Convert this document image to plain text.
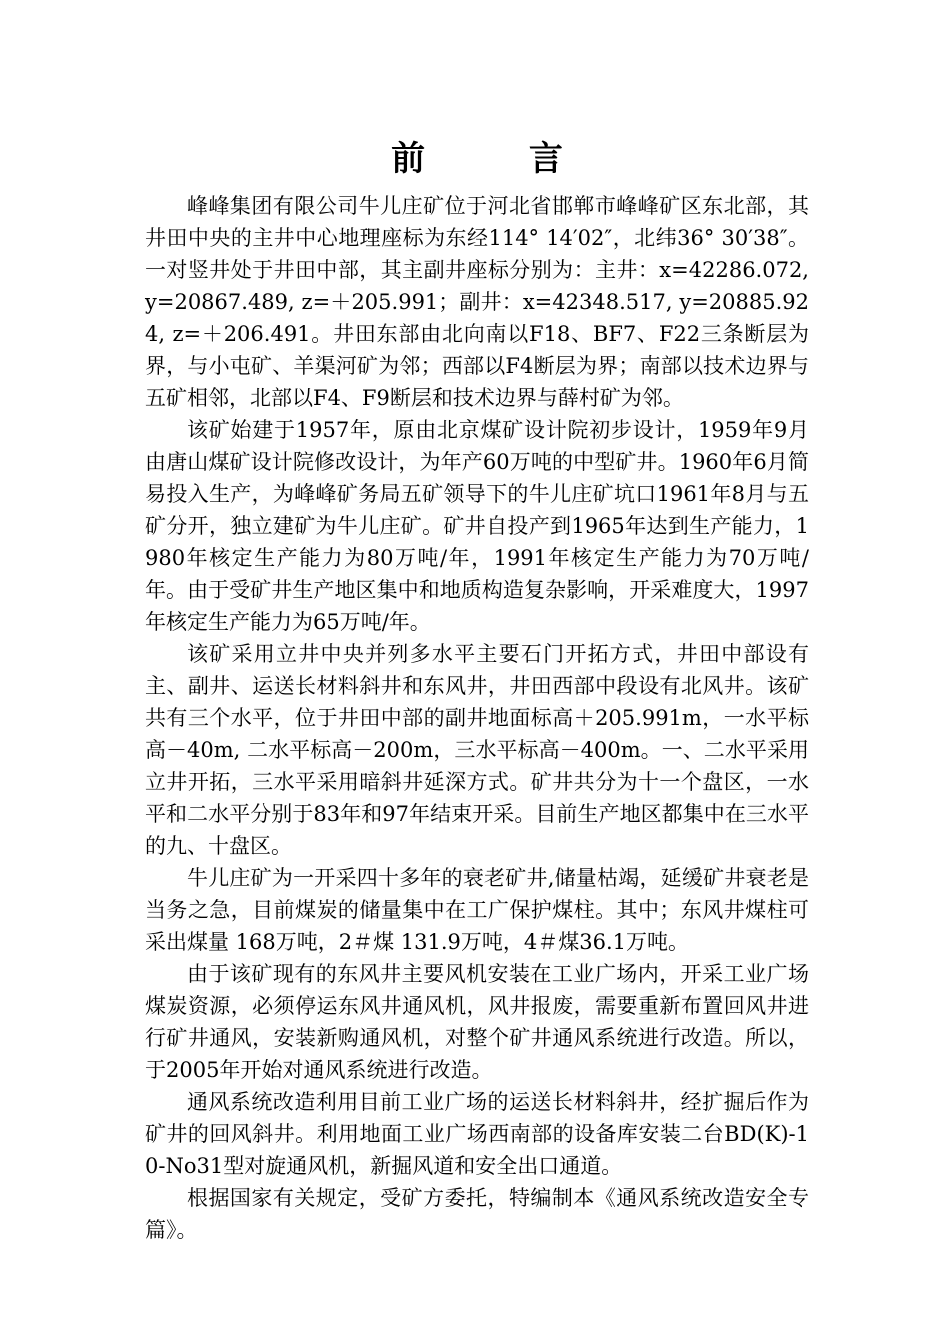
前 言

峰峰集团有限公司牛儿庄矿位于河北省邯郸市峰峰矿区东北部，其井田中央的主井中心地理座标为东经114° 14′02″，北纬36° 30′38″。一对竖井处于井田中部，其主副井座标分别为：主井：x=42286.072, y=20867.489, z=＋205.991；副井：x=42348.517, y=20885.924, z=＋206.491。井田东部由北向南以F18、BF7、F22三条断层为界，与小屯矿、羊渠河矿为邻；西部以F4断层为界；南部以技术边界与五矿相邻，北部以F4、F9断层和技术边界与薛村矿为邻。

该矿始建于1957年，原由北京煤矿设计院初步设计，1959年9月由唐山煤矿设计院修改设计，为年产60万吨的中型矿井。1960年6月简易投入生产，为峰峰矿务局五矿领导下的牛儿庄矿坑口1961年8月与五矿分开，独立建矿为牛儿庄矿。矿井自投产到1965年达到生产能力，1980年核定生产能力为80万吨/年，1991年核定生产能力为70万吨/年。由于受矿井生产地区集中和地质构造复杂影响，开采难度大，1997年核定生产能力为65万吨/年。

该矿采用立井中央并列多水平主要石门开拓方式，井田中部设有主、副井、运送长材料斜井和东风井，井田西部中段设有北风井。该矿共有三个水平，位于井田中部的副井地面标高＋205.991m，一水平标高－40m, 二水平标高－200m，三水平标高－400m。一、二水平采用立井开拓，三水平采用暗斜井延深方式。矿井共分为十一个盘区，一水平和二水平分别于83年和97年结束开采。目前生产地区都集中在三水平的九、十盘区。

牛儿庄矿为一开采四十多年的衰老矿井,储量枯竭，延缓矿井衰老是当务之急，目前煤炭的储量集中在工广保护煤柱。其中；东风井煤柱可采出煤量 168万吨，2＃煤 131.9万吨，4＃煤36.1万吨。

由于该矿现有的东风井主要风机安装在工业广场内，开采工业广场煤炭资源，必须停运东风井通风机，风井报废，需要重新布置回风井进行矿井通风，安装新购通风机，对整个矿井通风系统进行改造。所以，于2005年开始对通风系统进行改造。

通风系统改造利用目前工业广场的运送长材料斜井，经扩掘后作为矿井的回风斜井。利用地面工业广场西南部的设备库安装二台BD(K)-10-No31型对旋通风机，新掘风道和安全出口通道。

根据国家有关规定，受矿方委托，特编制本《通风系统改造安全专篇》。
